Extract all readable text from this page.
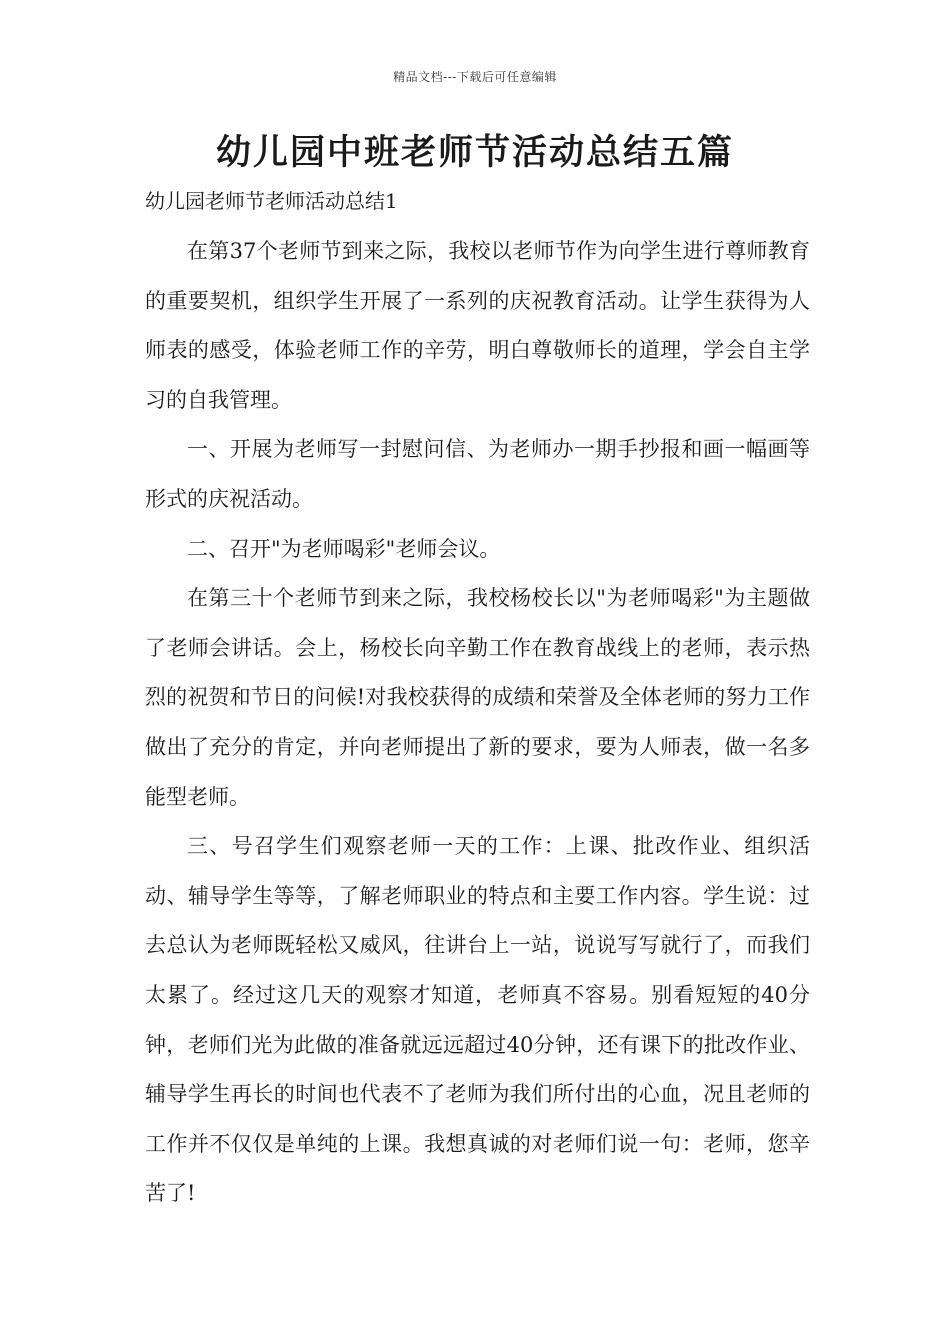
精品文档---下载后可任意编辑
幼儿园中班老师节活动总结五篇

幼儿园老师节老师活动总结1

在第37个老师节到来之际，我校以老师节作为向学生进行尊师教育的重要契机，组织学生开展了一系列的庆祝教育活动。让学生获得为人师表的感受，体验老师工作的辛劳，明白尊敬师长的道理，学会自主学习的自我管理。

一、开展为老师写一封慰问信、为老师办一期手抄报和画一幅画等形式的庆祝活动。

二、召开"为老师喝彩"老师会议。

在第三十个老师节到来之际，我校杨校长以"为老师喝彩"为主题做了老师会讲话。会上，杨校长向辛勤工作在教育战线上的老师，表示热烈的祝贺和节日的问候!对我校获得的成绩和荣誉及全体老师的努力工作做出了充分的肯定，并向老师提出了新的要求，要为人师表，做一名多能型老师。

三、号召学生们观察老师一天的工作：上课、批改作业、组织活动、辅导学生等等，了解老师职业的特点和主要工作内容。学生说：过去总认为老师既轻松又威风，往讲台上一站，说说写写就行了，而我们太累了。经过这几天的观察才知道，老师真不容易。别看短短的40分钟，老师们光为此做的准备就远远超过40分钟，还有课下的批改作业、辅导学生再长的时间也代表不了老师为我们所付出的心血，况且老师的工作并不仅仅是单纯的上课。我想真诚的对老师们说一句：老师，您辛苦了!
